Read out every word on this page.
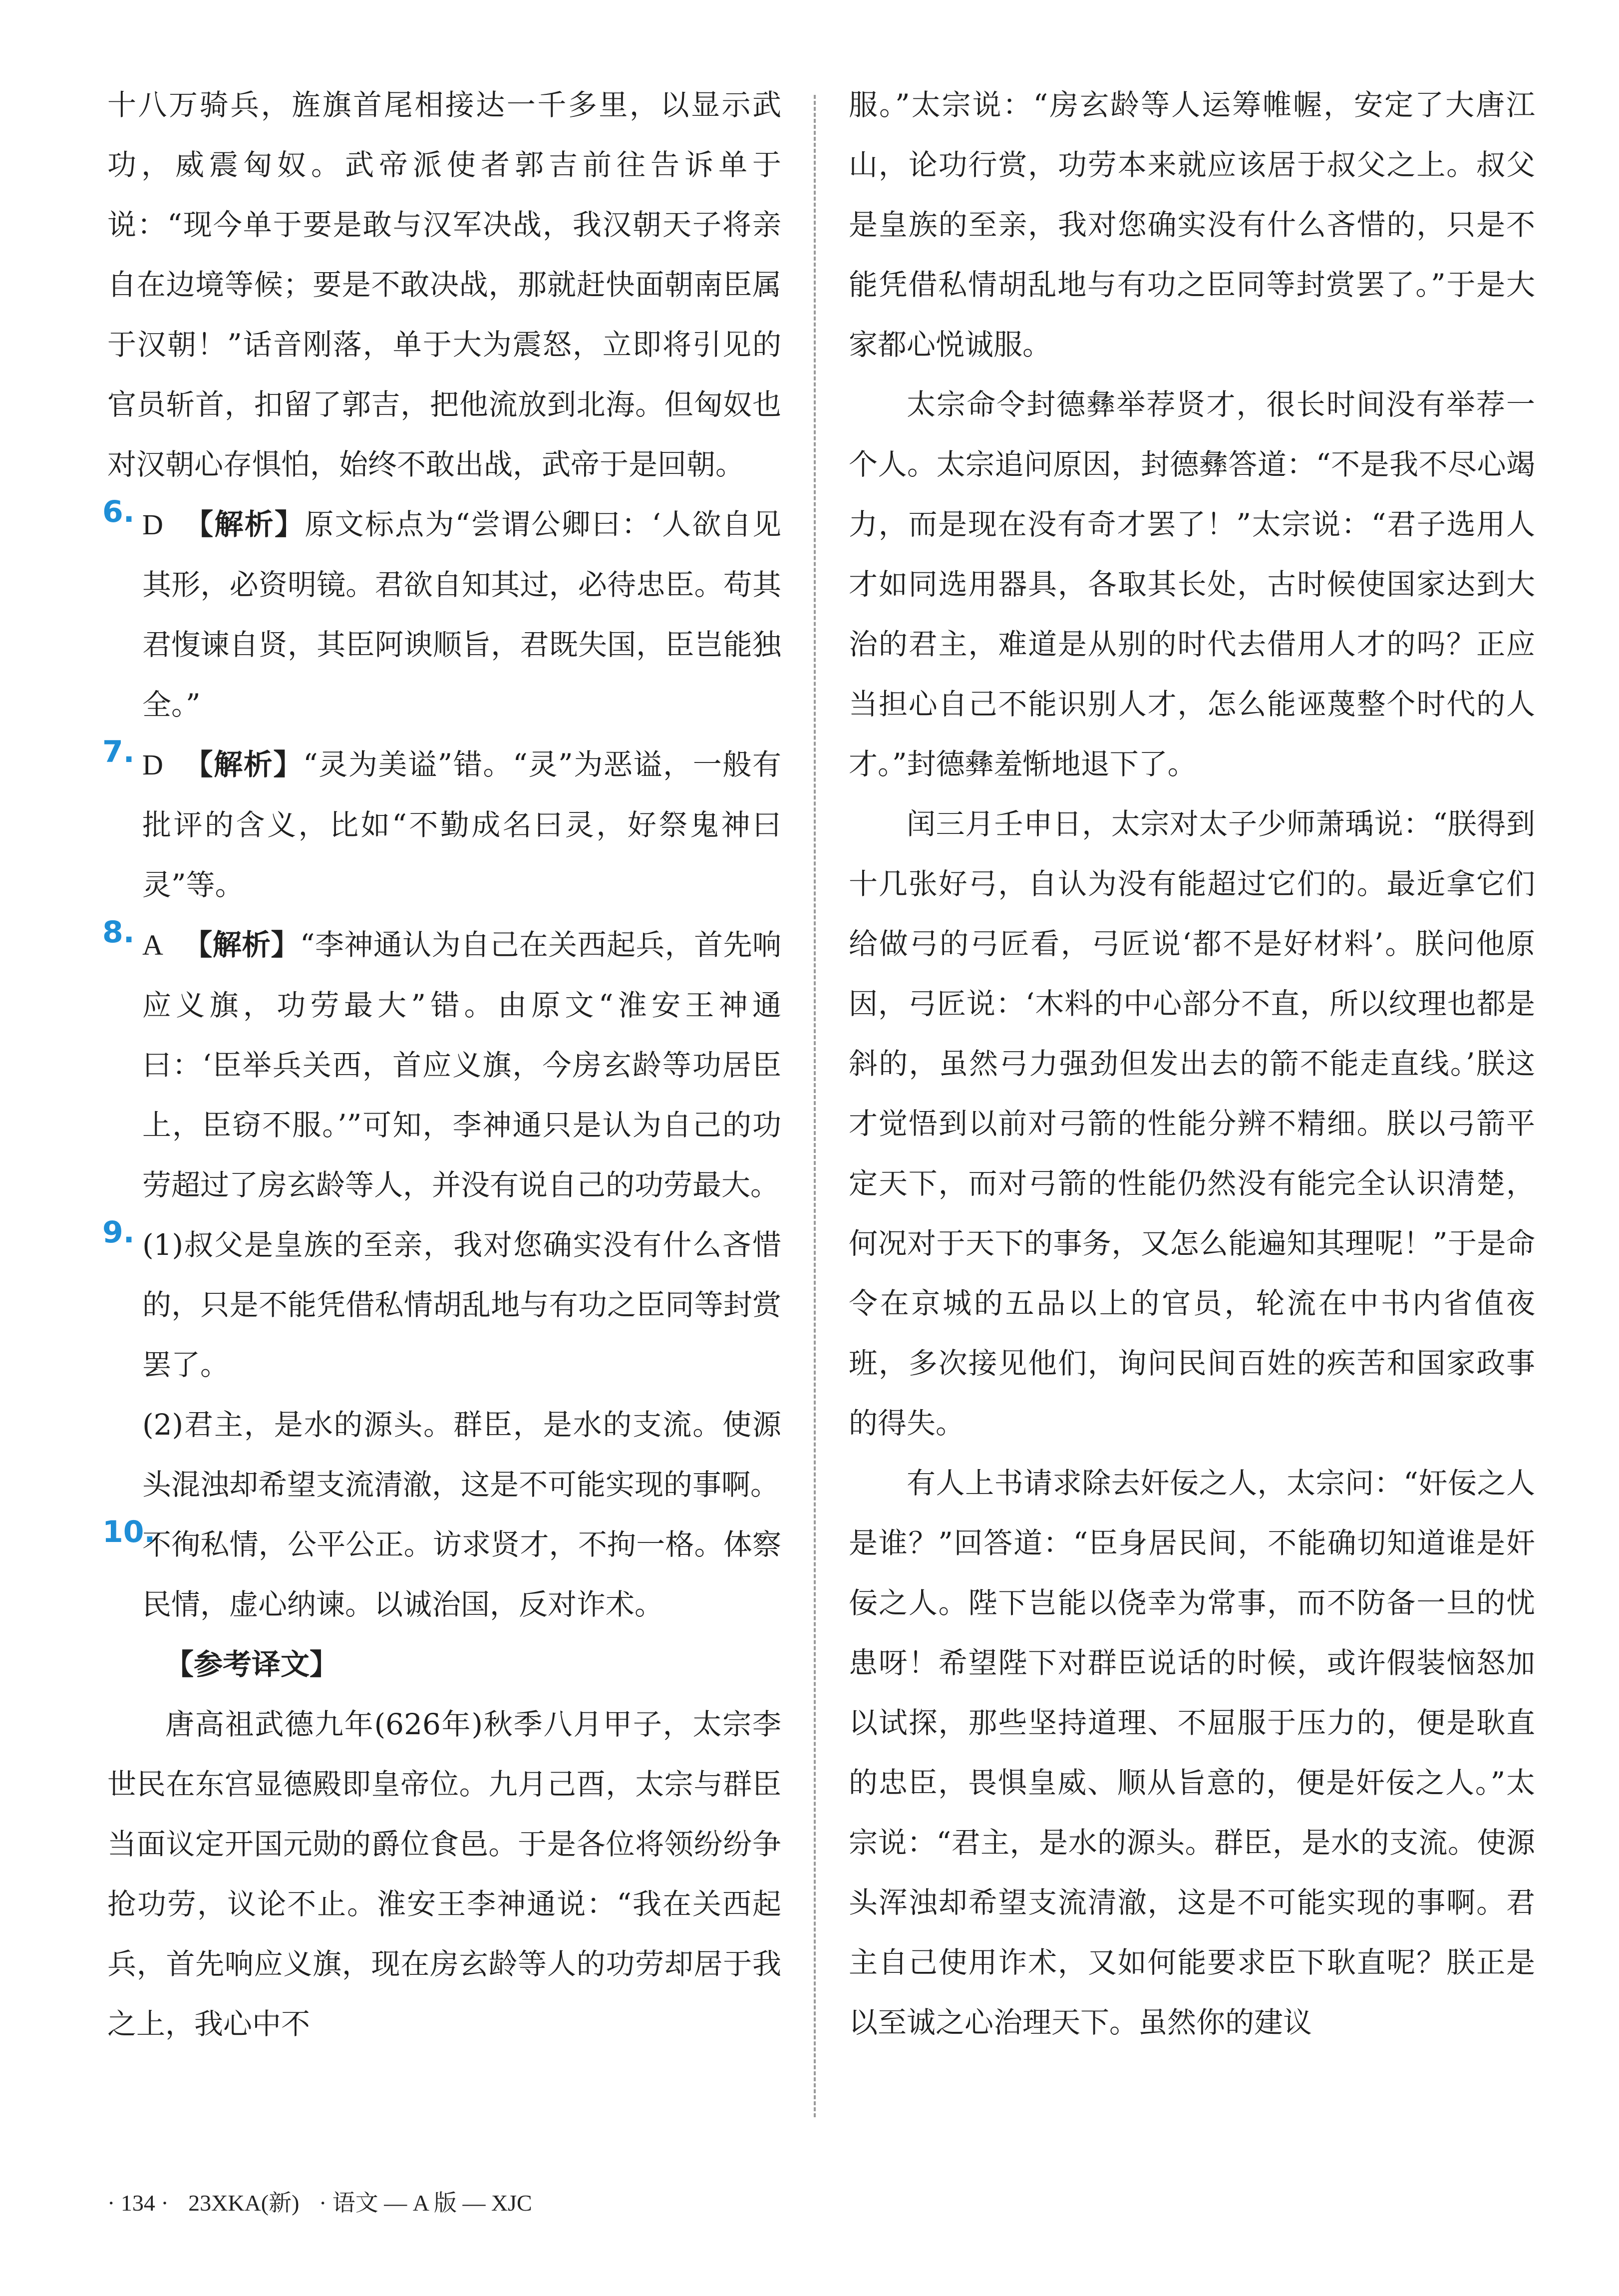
十八万骑兵，旌旗首尾相接达一千多里，以显示武功，威震匈奴。武帝派使者郭吉前往告诉单于说：“现今单于要是敢与汉军决战，我汉朝天子将亲自在边境等候；要是不敢决战，那就赶快面朝南臣属于汉朝！”话音刚落，单于大为震怒，立即将引见的官员斩首，扣留了郭吉，把他流放到北海。但匈奴也对汉朝心存惧怕，始终不敢出战，武帝于是回朝。

6. D 【解析】原文标点为“尝谓公卿曰：‘人欲自见其形，必资明镜。君欲自知其过，必待忠臣。苟其君愎谏自贤，其臣阿谀顺旨，君既失国，臣岂能独全。”

7. D 【解析】“灵为美谥”错。“灵”为恶谥，一般有批评的含义，比如“不勤成名曰灵，好祭鬼神曰灵”等。

8. A 【解析】“李神通认为自己在关西起兵，首先响应义旗，功劳最大”错。由原文“淮安王神通曰：‘臣举兵关西，首应义旗，今房玄龄等功居臣上，臣窃不服。’”可知，李神通只是认为自己的功劳超过了房玄龄等人，并没有说自己的功劳最大。

9. (1)叔父是皇族的至亲，我对您确实没有什么吝惜的，只是不能凭借私情胡乱地与有功之臣同等封赏罢了。

(2)君主，是水的源头。群臣，是水的支流。使源头混浊却希望支流清澈，这是不可能实现的事啊。

10.

不徇私情，公平公正。访求贤才，不拘一格。体察民情，虚心纳谏。以诚治国，反对诈术。

【参考译文】

唐高祖武德九年(626年)秋季八月甲子，太宗李世民在东宫显德殿即皇帝位。九月己酉，太宗与群臣当面议定开国元勋的爵位食邑。于是各位将领纷纷争抢功劳，议论不止。淮安王李神通说：“我在关西起兵，首先响应义旗，现在房玄龄等人的功劳却居于我之上，我心中不

服。”太宗说：“房玄龄等人运筹帷幄，安定了大唐江山，论功行赏，功劳本来就应该居于叔父之上。叔父是皇族的至亲，我对您确实没有什么吝惜的，只是不能凭借私情胡乱地与有功之臣同等封赏罢了。”于是大家都心悦诚服。

太宗命令封德彝举荐贤才，很长时间没有举荐一个人。太宗追问原因，封德彝答道：“不是我不尽心竭力，而是现在没有奇才罢了！”太宗说：“君子选用人才如同选用器具，各取其长处，古时候使国家达到大治的君主，难道是从别的时代去借用人才的吗？正应当担心自己不能识别人才，怎么能诬蔑整个时代的人才。”封德彝羞惭地退下了。

闰三月壬申日，太宗对太子少师萧瑀说：“朕得到十几张好弓，自认为没有能超过它们的。最近拿它们给做弓的弓匠看，弓匠说‘都不是好材料’。朕问他原因，弓匠说：‘木料的中心部分不直，所以纹理也都是斜的，虽然弓力强劲但发出去的箭不能走直线。’朕这才觉悟到以前对弓箭的性能分辨不精细。朕以弓箭平定天下，而对弓箭的性能仍然没有能完全认识清楚，何况对于天下的事务，又怎么能遍知其理呢！”于是命令在京城的五品以上的官员，轮流在中书内省值夜班，多次接见他们，询问民间百姓的疾苦和国家政事的得失。

有人上书请求除去奸佞之人，太宗问：“奸佞之人是谁？”回答道：“臣身居民间，不能确切知道谁是奸佞之人。陛下岂能以侥幸为常事，而不防备一旦的忧患呀！希望陛下对群臣说话的时候，或许假装恼怒加以试探，那些坚持道理、不屈服于压力的，便是耿直的忠臣，畏惧皇威、顺从旨意的，便是奸佞之人。”太宗说：“君主，是水的源头。群臣，是水的支流。使源头浑浊却希望支流清澈，这是不可能实现的事啊。君主自己使用诈术，又如何能要求臣下耿直呢？朕正是以至诚之心治理天下。虽然你的建议

· 134 · 23XKA(新) · 语文 — A 版 — XJC
